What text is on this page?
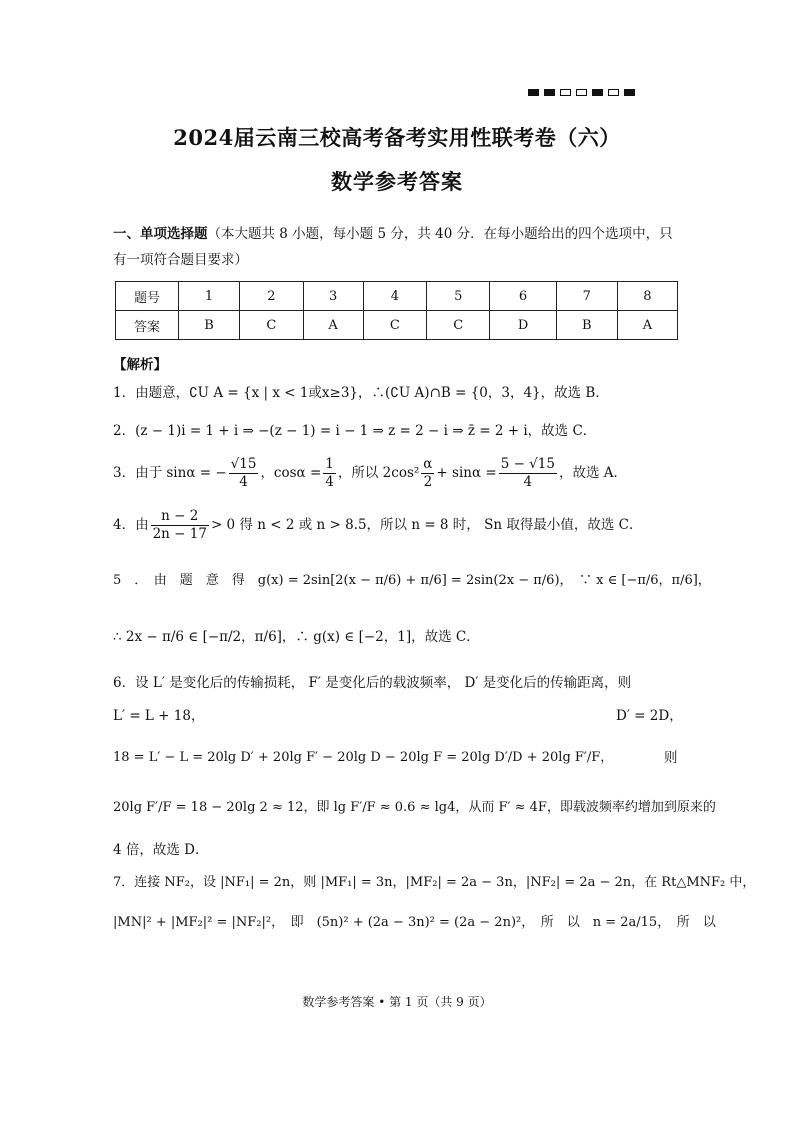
2024届云南三校高考备考实用性联考卷（六）
数学参考答案
一、单项选择题（本大题共 8 小题，每小题 5 分，共 40 分．在每小题给出的四个选项中，只
有一项符合题目要求）
题号	1	2	3	4	5	6	7	8
答案	B	C	A	C	C	D	B	A
【解析】
1．由题意，∁U A = {x | x < 1或x≥3}，∴(∁U A)∩B = {0，3，4}，故选 B．
2．(z − 1)i = 1 + i ⇒ −(z − 1) = i − 1 ⇒ z = 2 − i ⇒ z̄ = 2 + i，故选 C．
3．由于 sinα = − $\frac{√15}{4}$ ，$\cos\alpha = \frac{1}{4}$ ，所以 $2\cos^2 \frac{\alpha}{2} + \sin\alpha = \frac{5 - √15}{4}$ ，故选 A．
4．由 $\frac{n - 2}{2n - 17} > 0$ 得 n < 2 或 n > 8.5，所以 n = 8 时， Sn 取得最小值，故选 C．
5　．　由　题　意　得　g(x) = 2sin[2(x − π/6) + π/6] = 2sin(2x − π/6)，　∵ x ∈ [−π/6，π/6]，
∴ 2x − π/6 ∈ [−π/2，π/6]，∴ g(x) ∈ [−2，1]，故选 C．
6．设 L′ 是变化后的传输损耗， F′ 是变化后的载波频率， D′ 是变化后的传输距离，则
L′ = L + 18，	D′ = 2D，
18 = L′ − L = 20lg D′ + 20lg F′ − 20lg D − 20lg F = 20lg D′/D + 20lg F′/F，	则
20lg F′/F = 18 − 20lg 2 ≈ 12，即 lg F′/F ≈ 0.6 ≈ lg4，从而 F′ ≈ 4F，即载波频率约增加到原来的
4 倍，故选 D．
7．连接 NF₂，设 |NF₁| = 2n，则 |MF₁| = 3n，|MF₂| = 2a − 3n，|NF₂| = 2a − 2n，在 Rt△MNF₂ 中，
|MN|² + |MF₂|² = |NF₂|²，　即　(5n)² + (2a − 3n)² = (2a − 2n)²，　所　以　n = 2a/15，　所　以
数学参考答案 • 第 1 页（共 9 页）
